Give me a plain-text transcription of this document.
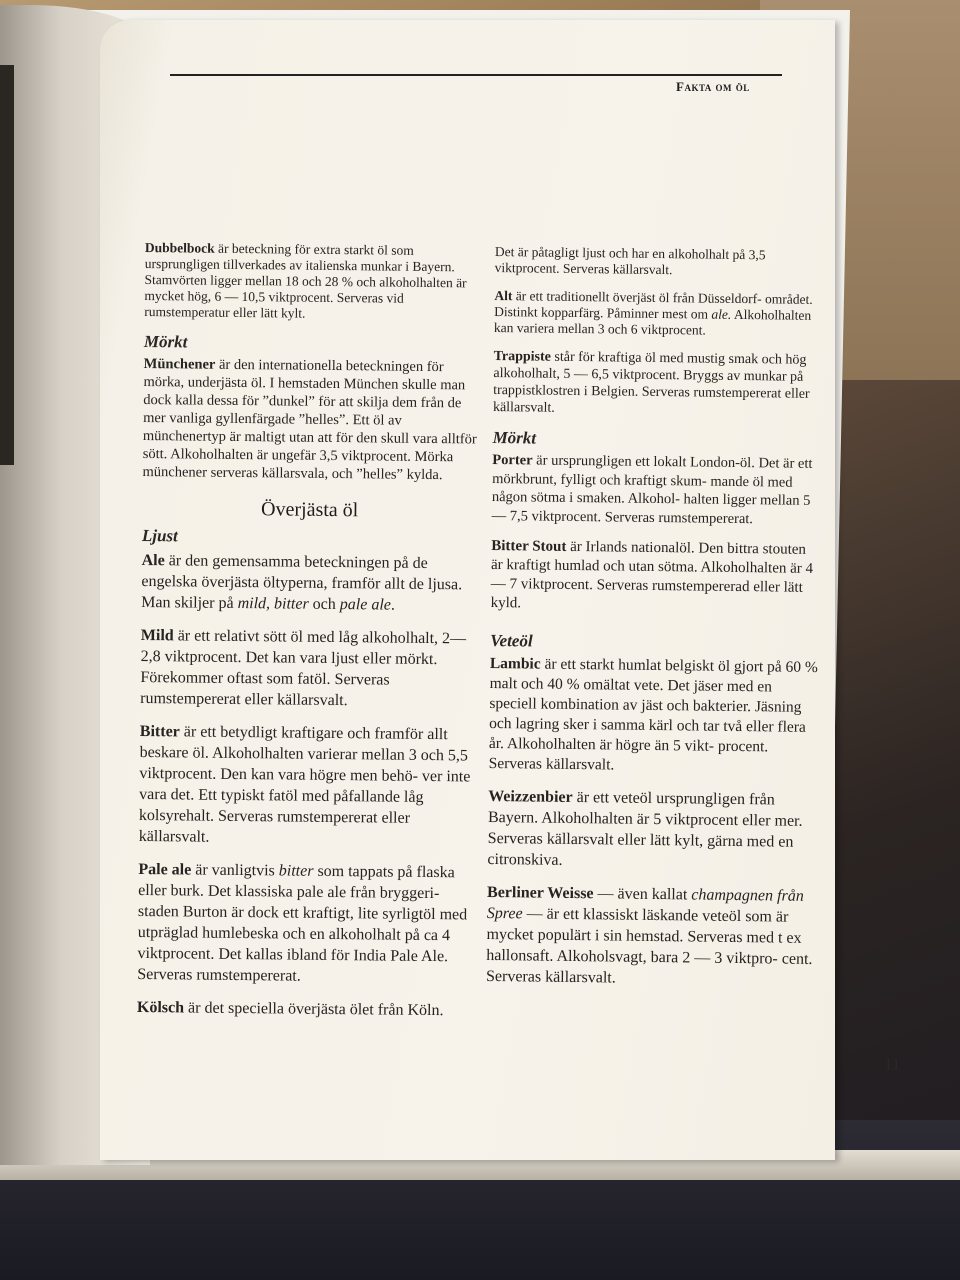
Fakta om öl

Dubbelbock är beteckning för extra starkt öl som ursprungligen tillverkades av italienska munkar i Bayern. Stamvörten ligger mellan 18 och 28 % och alkoholhalten är mycket hög, 6 — 10,5 viktprocent. Serveras vid rumstemperatur eller lätt kylt.

Mörkt

Münchener är den internationella beteckningen för mörka, underjästa öl. I hemstaden München skulle man dock kalla dessa för ”dunkel” för att skilja dem från de mer vanliga gyllenfärgade ”helles”. Ett öl av münchenertyp är maltigt utan att för den skull vara alltför sött. Alkoholhalten är ungefär 3,5 viktprocent. Mörka münchener serveras källarsvala, och ”helles” kylda.

Överjästa öl
Ljust

Ale är den gemensamma beteckningen på de engelska överjästa öltyperna, framför allt de ljusa. Man skiljer på mild, bitter och pale ale.

Mild är ett relativt sött öl med låg alkoholhalt, 2—2,8 viktprocent. Det kan vara ljust eller mörkt. Förekommer oftast som fatöl. Serveras rumstempererat eller källarsvalt.

Bitter är ett betydligt kraftigare och framför allt beskare öl. Alkoholhalten varierar mellan 3 och 5,5 viktprocent. Den kan vara högre men behö- ver inte vara det. Ett typiskt fatöl med påfallande låg kolsyrehalt. Serveras rumstempererat eller källarsvalt.

Pale ale är vanligtvis bitter som tappats på flaska eller burk. Det klassiska pale ale från bryggeri- staden Burton är dock ett kraftigt, lite syrligtöl med utpräglad humlebeska och en alkoholhalt på ca 4 viktprocent. Det kallas ibland för India Pale Ale. Serveras rumstempererat.

Kölsch är det speciella överjästa ölet från Köln.

Det är påtagligt ljust och har en alkoholhalt på 3,5 viktprocent. Serveras källarsvalt.

Alt är ett traditionellt överjäst öl från Düsseldorf- området. Distinkt kopparfärg. Påminner mest om ale. Alkoholhalten kan variera mellan 3 och 6 viktprocent.

Trappiste står för kraftiga öl med mustig smak och hög alkoholhalt, 5 — 6,5 viktprocent. Bryggs av munkar på trappistklostren i Belgien. Serveras rumstempererat eller källarsvalt.

Mörkt

Porter är ursprungligen ett lokalt London-öl. Det är ett mörkbrunt, fylligt och kraftigt skum- mande öl med någon sötma i smaken. Alkohol- halten ligger mellan 5 — 7,5 viktprocent. Serveras rumstempererat.

Bitter Stout är Irlands nationalöl. Den bittra stouten är kraftigt humlad och utan sötma. Alkoholhalten är 4 — 7 viktprocent. Serveras rumstempererad eller lätt kyld.

Veteöl

Lambic är ett starkt humlat belgiskt öl gjort på 60 % malt och 40 % omältat vete. Det jäser med en speciell kombination av jäst och bakterier. Jäsning och lagring sker i samma kärl och tar två eller flera år. Alkoholhalten är högre än 5 vikt- procent. Serveras källarsvalt.

Weizzenbier är ett veteöl ursprungligen från Bayern. Alkoholhalten är 5 viktprocent eller mer. Serveras källarsvalt eller lätt kylt, gärna med en citronskiva.

Berliner Weisse — även kallat champagnen från Spree — är ett klassiskt läskande veteöl som är mycket populärt i sin hemstad. Serveras med t ex hallonsaft. Alkoholsvagt, bara 2 — 3 viktpro- cent. Serveras källarsvalt.

11
